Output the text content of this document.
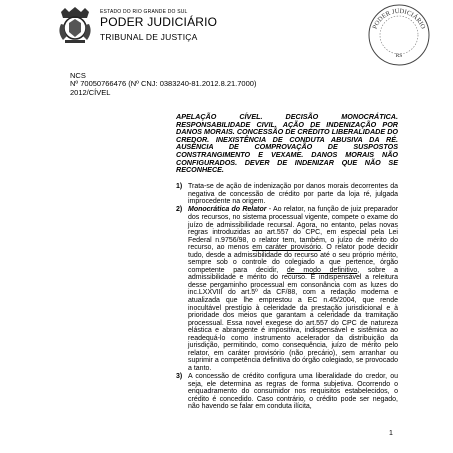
ESTADO DO RIO GRANDE DO SUL
PODER JUDICIÁRIO
TRIBUNAL DE JUSTIÇA
PODER JUDICIÁRIO
RS
NCS
Nº 70050766476 (Nº CNJ: 0383240-81.2012.8.21.7000)
2012/CÍVEL
APELAÇÃO CÍVEL. DECISÃO MONOCRÁTICA. RESPONSABILIDADE CIVIL. AÇÃO DE INDENIZAÇÃO POR DANOS MORAIS. CONCESSÃO DE CRÉDITO LIBERALIDADE DO CREDOR. INEXISTÊNCIA DE CONDUTA ABUSIVA DA RÉ. AUSÊNCIA DE COMPROVAÇÃO DE SUSPOSTOS CONSTRANGIMENTO E VEXAME. DANOS MORAIS NÃO CONFIGURADOS. DEVER DE INDENIZAR QUE NÃO SE RECONHECE.
1) Trata-se de ação de indenização por danos morais decorrentes da negativa de concessão de crédito por parte da loja ré, julgada improcedente na origem.
2) Monocrática do Relator - Ao relator, na função de juiz preparador dos recursos, no sistema processual vigente, compete o exame do juízo de admissibilidade recursal. Agora, no entanto, pelas novas regras introduzidas ao art.557 do CPC, em especial pela Lei Federal n.9756/98, o relator tem, também, o juízo de mérito do recurso, ao menos em caráter provisório. O relator pode decidir tudo, desde a admissibilidade do recurso até o seu próprio mérito, sempre sob o controle do colegiado a que pertence, órgão competente para decidir, de modo definitivo, sobre a admissibilidade e mérito do recurso. É indispensável a releitura desse pergaminho processual em consonância com as luzes do inc.LXXVIII do art.5º da CF/88, com a redação moderna e atualizada que lhe emprestou a EC n.45/2004, que rende inocultável prestígio à celeridade da prestação jurisdicional e à prioridade dos meios que garantam a celeridade da tramitação processual. Essa novel exegese do art.557 do CPC de natureza elástica e abrangente é impositiva, indispensável e sistêmica ao readequá-lo como instrumento acelerador da distribuição da jurisdição, permitindo, como consequência, juízo de mérito pelo relator, em caráter provisório (não precário), sem arranhar ou suprimir a competência definitiva do órgão colegiado, se provocado a tanto.
3) A concessão de crédito configura uma liberalidade do credor, ou seja, ele determina as regras de forma subjetiva. Ocorrendo o enquadramento do consumidor nos requisitos estabelecidos, o crédito é concedido. Caso contrário, o crédito pode ser negado, não havendo se falar em conduta ilícita,
1
